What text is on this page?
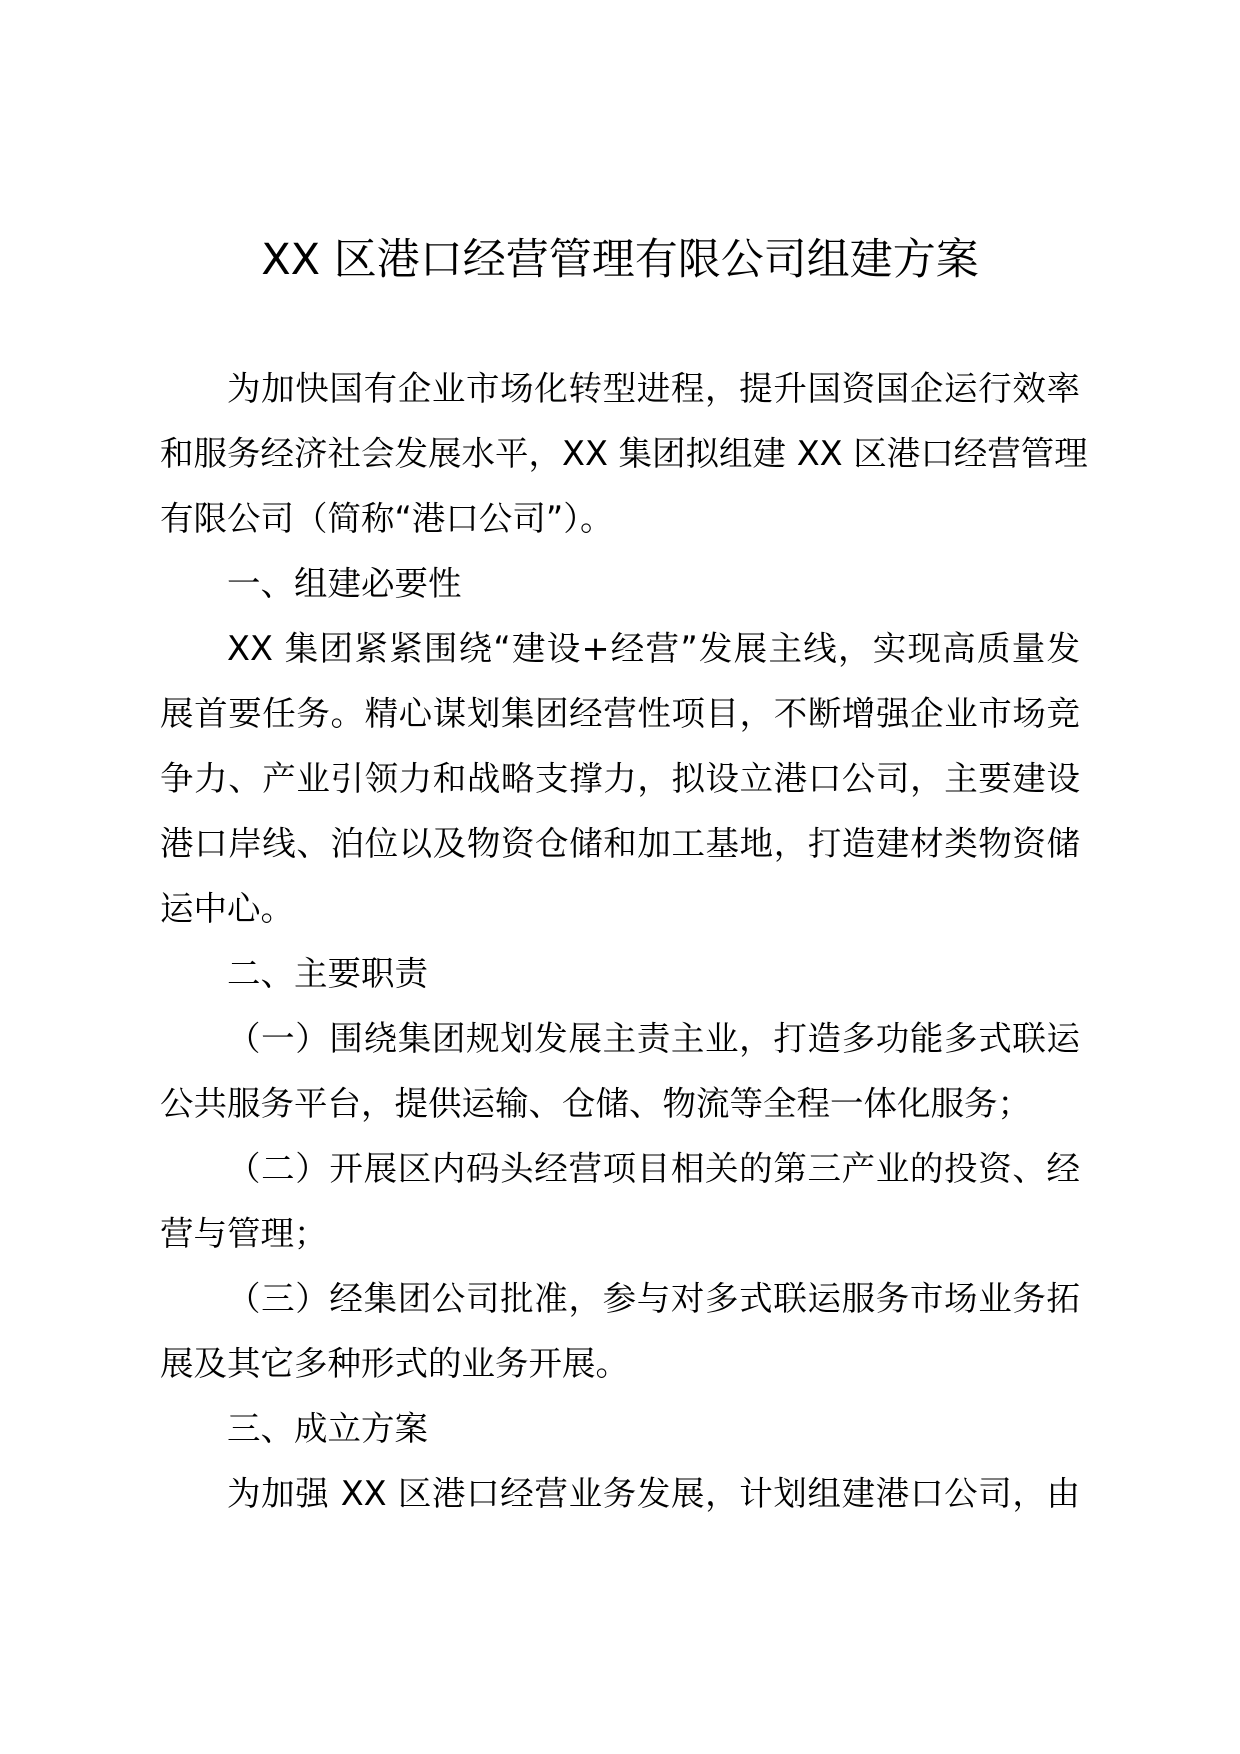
XX 区港口经营管理有限公司组建方案
为加快国有企业市场化转型进程，提升国资国企运行效率
和服务经济社会发展水平，XX 集团拟组建 XX 区港口经营管理
有限公司（简称“港口公司”）。
一、组建必要性
XX 集团紧紧围绕“建设+经营”发展主线，实现高质量发
展首要任务。精心谋划集团经营性项目，不断增强企业市场竞
争力、产业引领力和战略支撑力，拟设立港口公司，主要建设
港口岸线、泊位以及物资仓储和加工基地，打造建材类物资储
运中心。
二、主要职责
（一）围绕集团规划发展主责主业，打造多功能多式联运
公共服务平台，提供运输、仓储、物流等全程一体化服务；
（二）开展区内码头经营项目相关的第三产业的投资、经
营与管理；
（三）经集团公司批准，参与对多式联运服务市场业务拓
展及其它多种形式的业务开展。
三、成立方案
为加强 XX 区港口经营业务发展，计划组建港口公司，由
